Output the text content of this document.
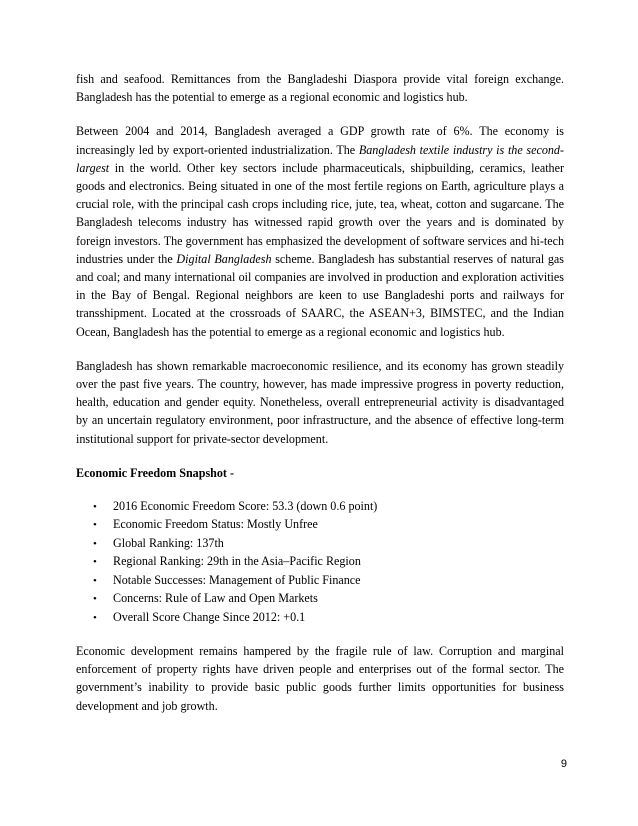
fish and seafood. Remittances from the Bangladeshi Diaspora provide vital foreign exchange. Bangladesh has the potential to emerge as a regional economic and logistics hub.

Between 2004 and 2014, Bangladesh averaged a GDP growth rate of 6%. The economy is increasingly led by export-oriented industrialization. The Bangladesh textile industry is the second-largest in the world. Other key sectors include pharmaceuticals, shipbuilding, ceramics, leather goods and electronics. Being situated in one of the most fertile regions on Earth, agriculture plays a crucial role, with the principal cash crops including rice, jute, tea, wheat, cotton and sugarcane. The Bangladesh telecoms industry has witnessed rapid growth over the years and is dominated by foreign investors. The government has emphasized the development of software services and hi-tech industries under the Digital Bangladesh scheme. Bangladesh has substantial reserves of natural gas and coal; and many international oil companies are involved in production and exploration activities in the Bay of Bengal. Regional neighbors are keen to use Bangladeshi ports and railways for transshipment. Located at the crossroads of SAARC, the ASEAN+3, BIMSTEC, and the Indian Ocean, Bangladesh has the potential to emerge as a regional economic and logistics hub.

Bangladesh has shown remarkable macroeconomic resilience, and its economy has grown steadily over the past five years. The country, however, has made impressive progress in poverty reduction, health, education and gender equity. Nonetheless, overall entrepreneurial activity is disadvantaged by an uncertain regulatory environment, poor infrastructure, and the absence of effective long-term institutional support for private-sector development.

Economic Freedom Snapshot -
•	2016 Economic Freedom Score: 53.3 (down 0.6 point)
•	Economic Freedom Status: Mostly Unfree
•	Global Ranking: 137th
•	Regional Ranking: 29th in the Asia–Pacific Region
•	Notable Successes: Management of Public Finance
•	Concerns: Rule of Law and Open Markets
•	Overall Score Change Since 2012: +0.1

Economic development remains hampered by the fragile rule of law. Corruption and marginal enforcement of property rights have driven people and enterprises out of the formal sector. The government’s inability to provide basic public goods further limits opportunities for business development and job growth.

9
